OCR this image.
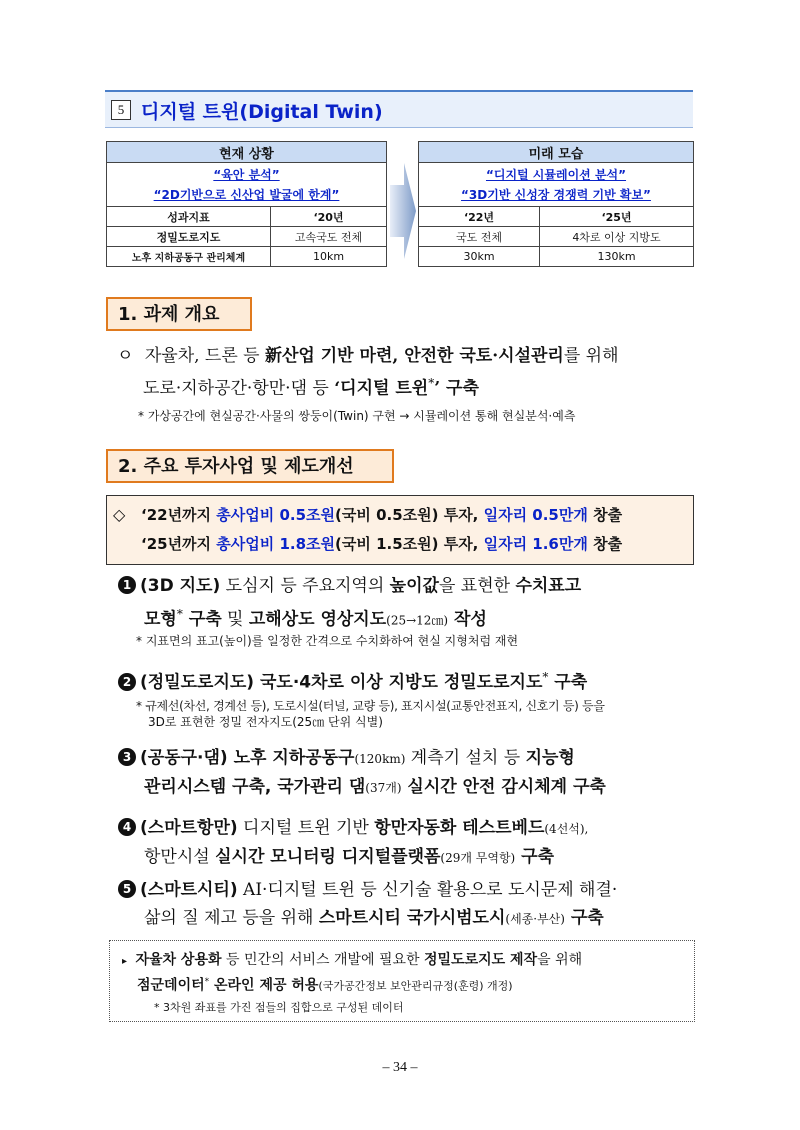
5 디지털 트윈(Digital Twin)
현재 상황	

“육안 분석”
“2D기반으로 신산업 발굴에 한계”	

성과지표	‘20년
정밀도로지도	고속국도 전체
노후 지하공동구 관리체계	10km
미래 모습	

“디지털 시뮬레이션 분석”
“3D기반 신성장 경쟁력 기반 확보”	

‘22년	‘25년
국도 전체	4차로 이상 지방도
30km	130km
1. 과제 개요
ㅇ 자율차, 드론 등 新산업 기반 마련, 안전한 국토·시설관리를 위해
도로·지하공간·항만·댐 등 ‘디지털 트윈*’ 구축
* 가상공간에 현실공간·사물의 쌍둥이(Twin) 구현 → 시뮬레이션 통해 현실분석·예측
2. 주요 투자사업 및 제도개선
◇ ‘22년까지 총사업비 0.5조원(국비 0.5조원) 투자, 일자리 0.5만개 창출
‘25년까지 총사업비 1.8조원(국비 1.5조원) 투자, 일자리 1.6만개 창출
1 (3D 지도) 도심지 등 주요지역의 높이값을 표현한 수치표고
모형* 구축 및 고해상도 영상지도(25→12㎝) 작성
* 지표면의 표고(높이)를 일정한 간격으로 수치화하여 현실 지형처럼 재현
2 (정밀도로지도) 국도·4차로 이상 지방도 정밀도로지도* 구축
* 규제선(차선, 경계선 등), 도로시설(터널, 교량 등), 표지시설(교통안전표지, 신호기 등) 등을
3D로 표현한 정밀 전자지도(25㎝ 단위 식별)
3 (공동구·댐) 노후 지하공동구(120km) 계측기 설치 등 지능형
관리시스템 구축, 국가관리 댐(37개) 실시간 안전 감시체계 구축
4 (스마트항만) 디지털 트윈 기반 항만자동화 테스트베드(4선석),
항만시설 실시간 모니터링 디지털플랫폼(29개 무역항) 구축
5 (스마트시티) AI·디지털 트윈 등 신기술 활용으로 도시문제 해결·
삶의 질 제고 등을 위해 스마트시티 국가시범도시(세종·부산) 구축
▸ 자율차 상용화 등 민간의 서비스 개발에 필요한 정밀도로지도 제작을 위해
점군데이터* 온라인 제공 허용(국가공간정보 보안관리규정(훈령) 개정)
* 3차원 좌표를 가진 점들의 집합으로 구성된 데이터
– 34 –
